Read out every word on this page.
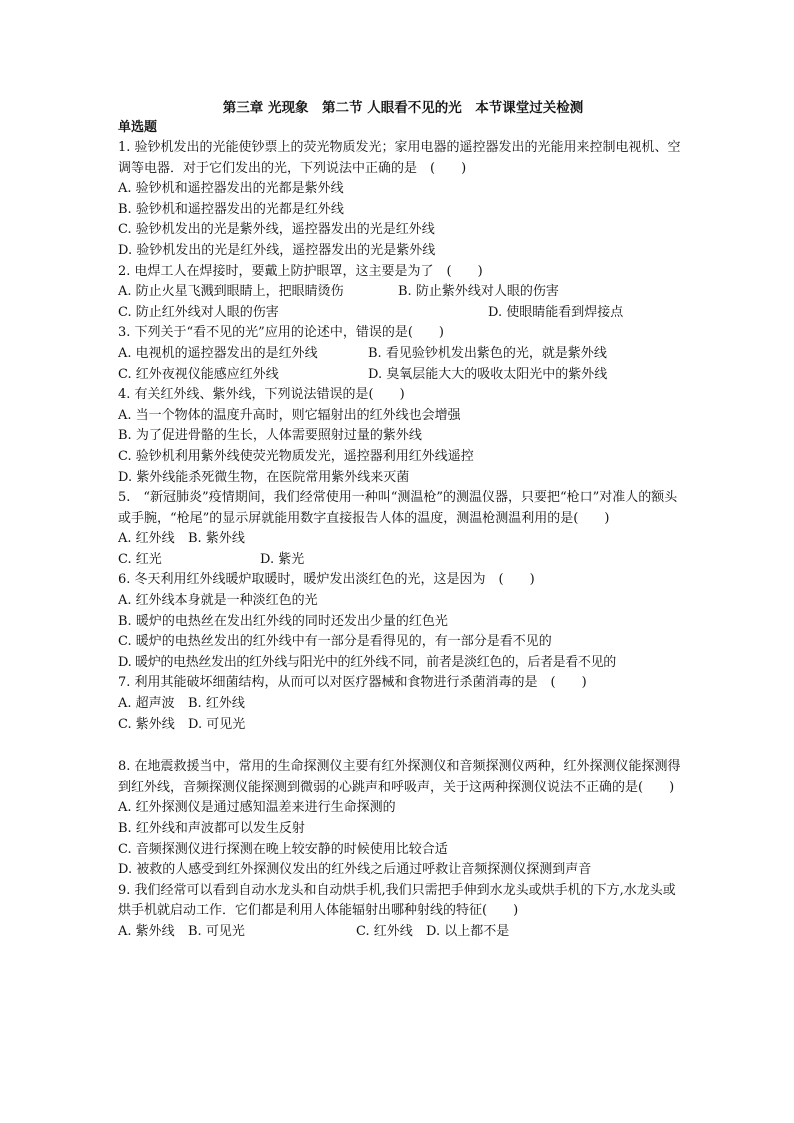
第三章 光现象　第二节 人眼看不见的光　本节课堂过关检测
单选题
1. 验钞机发出的光能使钞票上的荧光物质发光；家用电器的遥控器发出的光能用来控制电视机、空调等电器．对于它们发出的光，下列说法中正确的是　(　　)
A. 验钞机和遥控器发出的光都是紫外线
B. 验钞机和遥控器发出的光都是红外线
C. 验钞机发出的光是紫外线，遥控器发出的光是红外线
D. 验钞机发出的光是红外线，遥控器发出的光是紫外线
2. 电焊工人在焊接时，要戴上防护眼罩，这主要是为了　(　　)
A. 防止火星飞溅到眼睛上，把眼睛烫伤	B. 防止紫外线对人眼的伤害
C. 防止红外线对人眼的伤害	D. 使眼睛能看到焊接点
3. 下列关于“看不见的光”应用的论述中，错误的是(　　)
A. 电视机的遥控器发出的是红外线	B. 看见验钞机发出紫色的光，就是紫外线
C. 红外夜视仪能感应红外线	D. 臭氧层能大大的吸收太阳光中的紫外线
4. 有关红外线、紫外线，下列说法错误的是(　　)
A. 当一个物体的温度升高时，则它辐射出的红外线也会增强
B. 为了促进骨骼的生长，人体需要照射过量的紫外线
C. 验钞机利用紫外线使荧光物质发光，遥控器利用红外线遥控
D. 紫外线能杀死微生物，在医院常用紫外线来灭菌
5.　“新冠肺炎”疫情期间，我们经常使用一种叫“测温枪”的测温仪器，只要把“枪口”对准人的额头或手腕，“枪尾”的显示屏就能用数字直接报告人体的温度，测温枪测温利用的是(　　)
A. 红外线	B. 紫外线
C. 红光	D. 紫光
6. 冬天利用红外线暖炉取暖时，暖炉发出淡红色的光，这是因为　(　　)
A. 红外线本身就是一种淡红色的光
B. 暖炉的电热丝在发出红外线的同时还发出少量的红色光
C. 暖炉的电热丝发出的红外线中有一部分是看得见的，有一部分是看不见的
D. 暖炉的电热丝发出的红外线与阳光中的红外线不同，前者是淡红色的，后者是看不见的
7. 利用其能破坏细菌结构，从而可以对医疗器械和食物进行杀菌消毒的是　(　　)
A. 超声波	B. 红外线
C. 紫外线	D. 可见光
8. 在地震救援当中，常用的生命探测仪主要有红外探测仪和音频探测仪两种，红外探测仪能探测得到红外线，音频探测仪能探测到微弱的心跳声和呼吸声，关于这两种探测仪说法不正确的是(　　)
A. 红外探测仪是通过感知温差来进行生命探测的
B. 红外线和声波都可以发生反射
C. 音频探测仪进行探测在晚上较安静的时候使用比较合适
D. 被救的人感受到红外探测仪发出的红外线之后通过呼救让音频探测仪探测到声音
9. 我们经常可以看到自动水龙头和自动烘手机,我们只需把手伸到水龙头或烘手机的下方,水龙头或烘手机就启动工作．它们都是利用人体能辐射出哪种射线的特征(　　)
A. 紫外线	B. 可见光	C. 红外线	D. 以上都不是
